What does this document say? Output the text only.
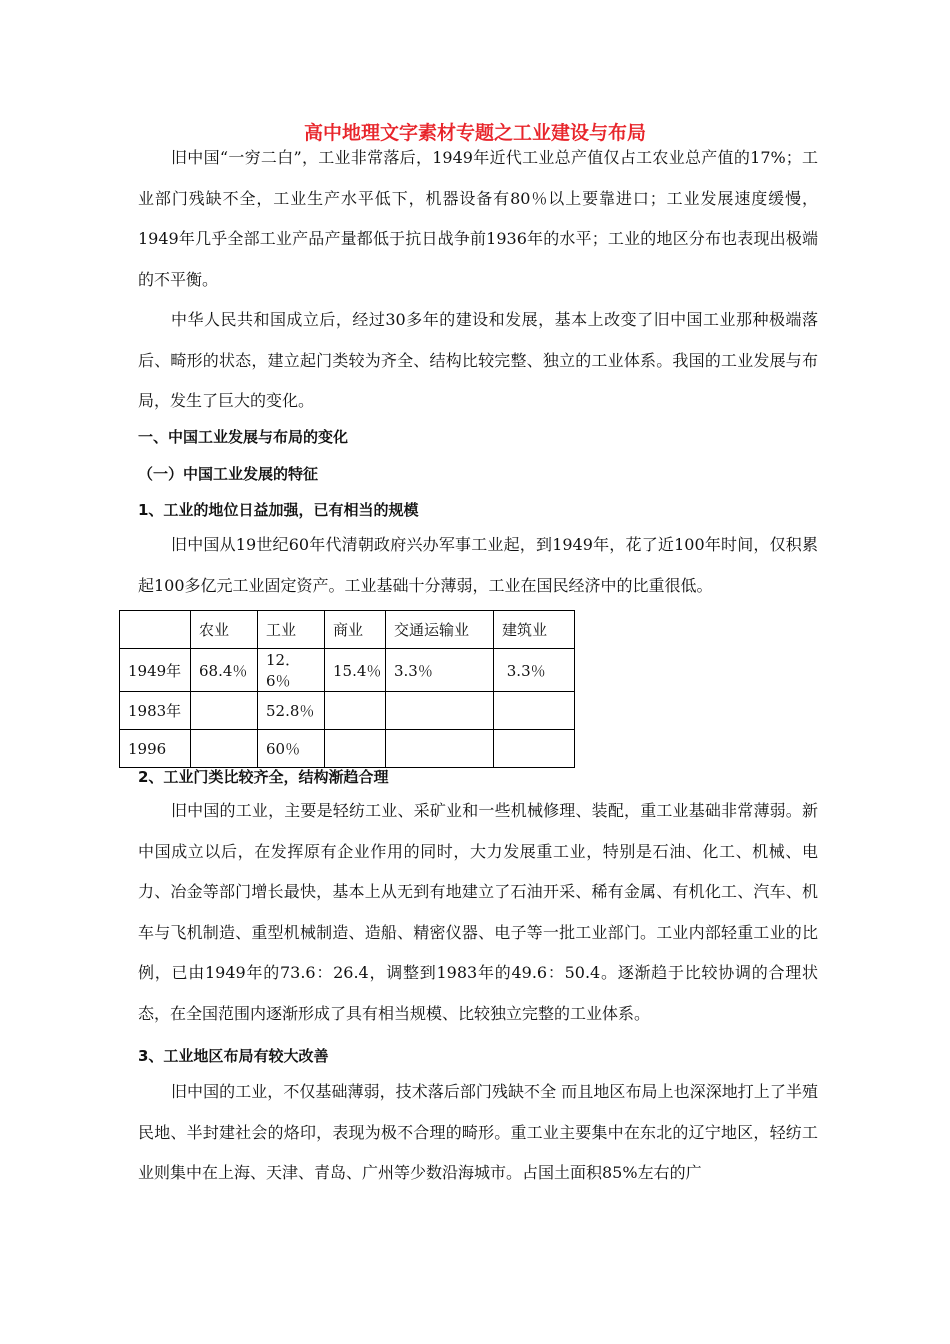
高中地理文字素材专题之工业建设与布局

旧中国“一穷二白”，工业非常落后，1949年近代工业总产值仅占工农业总产值的17%；工业部门残缺不全，工业生产水平低下，机器设备有80％以上要靠进口；工业发展速度缓慢，1949年几乎全部工业产品产量都低于抗日战争前1936年的水平；工业的地区分布也表现出极端的不平衡。

中华人民共和国成立后，经过30多年的建设和发展，基本上改变了旧中国工业那种极端落后、畸形的状态，建立起门类较为齐全、结构比较完整、独立的工业体系。我国的工业发展与布局，发生了巨大的变化。

一、中国工业发展与布局的变化
（一）中国工业发展的特征
1、工业的地位日益加强，已有相当的规模

旧中国从19世纪60年代清朝政府兴办军事工业起，到1949年，花了近100年时间，仅积累起100多亿元工业固定资产。工业基础十分薄弱，工业在国民经济中的比重很低。

	农业	工业	商业	交通运输业	建筑业
1949年	68.4％	12．6％	15.4％	3.3％	3.3％
1983年		52.8％			
1996		60％			
2、工业门类比较齐全，结构渐趋合理

旧中国的工业，主要是轻纺工业、采矿业和一些机械修理、装配，重工业基础非常薄弱。新中国成立以后，在发挥原有企业作用的同时，大力发展重工业，特别是石油、化工、机械、电力、冶金等部门增长最快，基本上从无到有地建立了石油开采、稀有金属、有机化工、汽车、机车与飞机制造、重型机械制造、造船、精密仪器、电子等一批工业部门。工业内部轻重工业的比例，已由1949年的73.6：26.4，调整到1983年的49.6：50.4。逐渐趋于比较协调的合理状态，在全国范围内逐渐形成了具有相当规模、比较独立完整的工业体系。

3、工业地区布局有较大改善

旧中国的工业，不仅基础薄弱，技术落后部门残缺不全 而且地区布局上也深深地打上了半殖民地、半封建社会的烙印，表现为极不合理的畸形。重工业主要集中在东北的辽宁地区，轻纺工业则集中在上海、天津、青岛、广州等少数沿海城市。占国土面积85%左右的广
